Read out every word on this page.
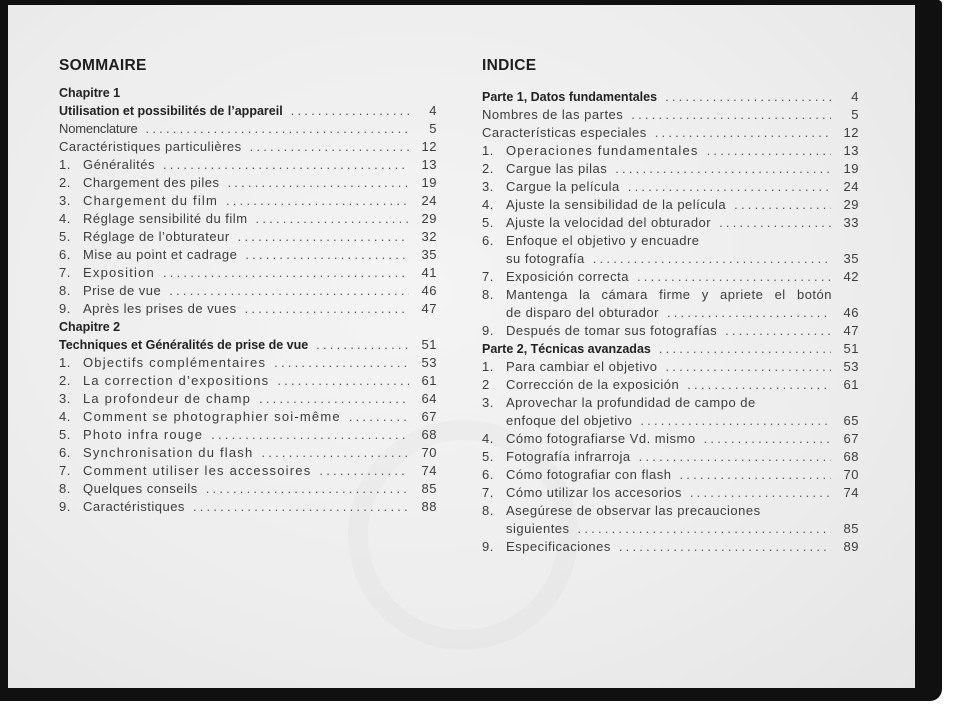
SOMMAIRE	INDICE
Chapitre 1
Utilisation et possibilités de l’appareil .....	4
Nomenclature .....	5
Caractéristiques particulières .....	12
1. Généralités .....	13
2. Chargement des piles .....	19
3. Chargement du film .....	24
4. Réglage sensibilité du film .....	29
5. Réglage de l’obturateur .....	32
6. Mise au point et cadrage .....	35
7. Exposition .....	41
8. Prise de vue .....	46
9. Après les prises de vues .....	47
Chapitre 2
Techniques et Généralités de prise de vue .....	51
1. Objectifs complémentaires .....	53
2. La correction d’expositions .....	61
3. La profondeur de champ .....	64
4. Comment se photographier soi-même .....	67
5. Photo infra rouge .....	68
6. Synchronisation du flash .....	70
7. Comment utiliser les accessoires .....	74
8. Quelques conseils .....	85
9. Caractéristiques .....	88
Parte 1, Datos fundamentales .....	4
Nombres de las partes .....	5
Características especiales .....	12
1. Operaciones fundamentales .....	13
2. Cargue las pilas .....	19
3. Cargue la película .....	24
4. Ajuste la sensibilidad de la película .....	29
5. Ajuste la velocidad del obturador .....	33
6. Enfoque el objetivo y encuadre
su fotografía .....	35
7. Exposición correcta .....	42
8. Mantenga la cámara firme y apriete el botón
de disparo del obturador .....	46
9. Después de tomar sus fotografías .....	47
Parte 2, Técnicas avanzadas .....	51
1. Para cambiar el objetivo .....	53
2	Corrección de la exposición .....	61
3. Aprovechar la profundidad de campo de
enfoque del objetivo .....	65
4. Cómo fotografiarse Vd. mismo .....	67
5. Fotografía infrarroja .....	68
6. Cómo fotografiar con flash .....	70
7. Cómo utilizar los accesorios .....	74
8. Asegúrese de observar las precauciones
siguientes .....	85
9. Especificaciones .....	89
